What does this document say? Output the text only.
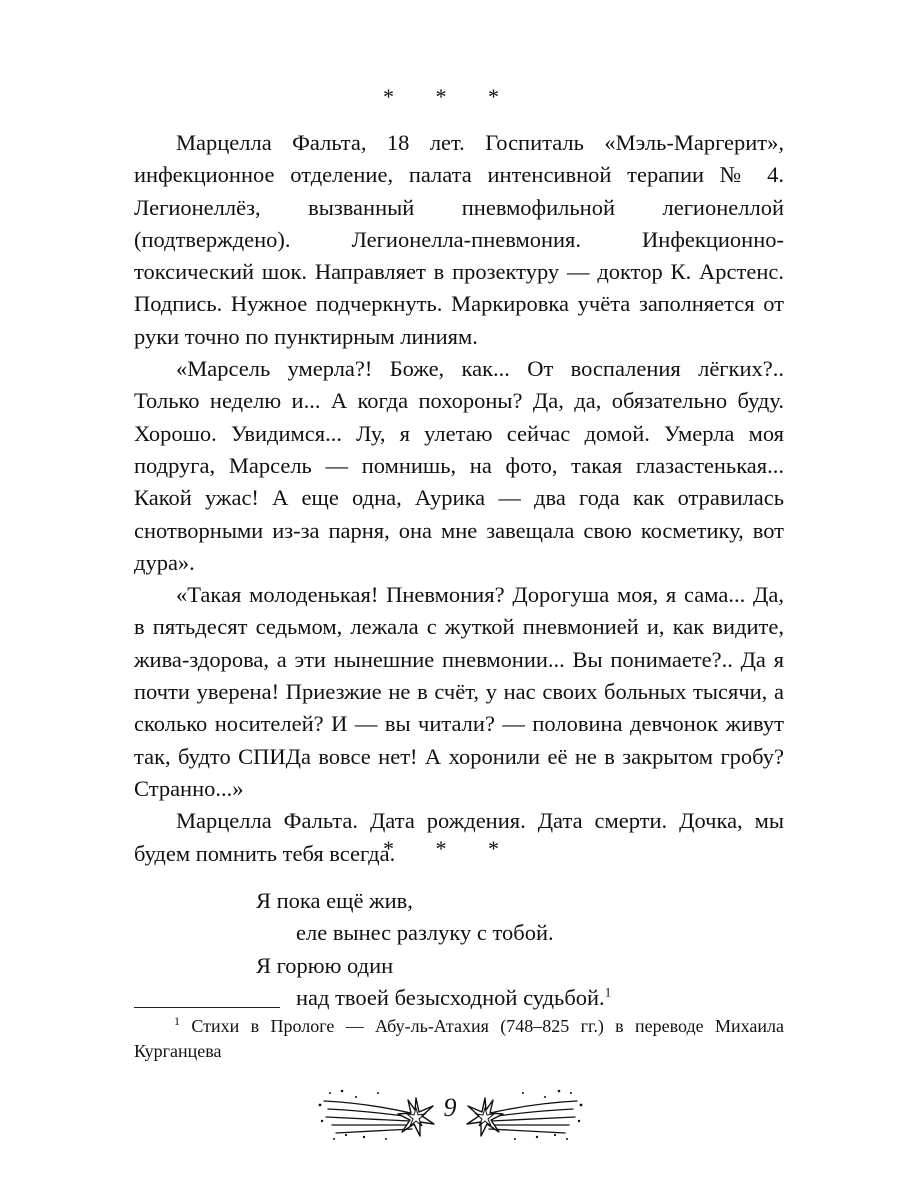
* * *

Марцелла Фальта, 18 лет. Госпиталь «Мэль-Маргерит», инфекционное отделение, палата интенсивной терапии № 4. Легионеллёз, вызванный пневмофильной легионеллой (подтверждено). Легионелла-пневмония. Инфекционно-токсический шок. Направляет в прозектуру — доктор К. Арстенс. Подпись. Нужное подчеркнуть. Маркировка учёта заполняется от руки точно по пунктирным линиям.

«Марсель умерла?! Боже, как... От воспаления лёгких?.. Только неделю и... А когда похороны? Да, да, обязательно буду. Хорошо. Увидимся... Лу, я улетаю сейчас домой. Умерла моя подруга, Марсель — помнишь, на фото, такая глазастенькая... Какой ужас! А еще одна, Аурика — два года как отравилась снотворными из-за парня, она мне завещала свою косметику, вот дура».

«Такая молоденькая! Пневмония? Дорогуша моя, я сама... Да, в пятьдесят седьмом, лежала с жуткой пневмонией и, как видите, жива-здорова, а эти нынешние пневмонии... Вы понимаете?.. Да я почти уверена! Приезжие не в счёт, у нас своих больных тысячи, а сколько носителей? И — вы читали? — половина девчонок живут так, будто СПИДа вовсе нет! А хоронили её не в закрытом гробу? Странно...»

Марцелла Фальта. Дата рождения. Дата смерти. Дочка, мы будем помнить тебя всегда.

* * *
Я пока ещё жив,
еле вынес разлуку с тобой.
Я горюю один
над твоей безысходной судьбой.$^1$

$^1$ Стихи в Прологе — Абу-ль-Атахия (748–825 гг.) в переводе Михаила Курганцева

9
